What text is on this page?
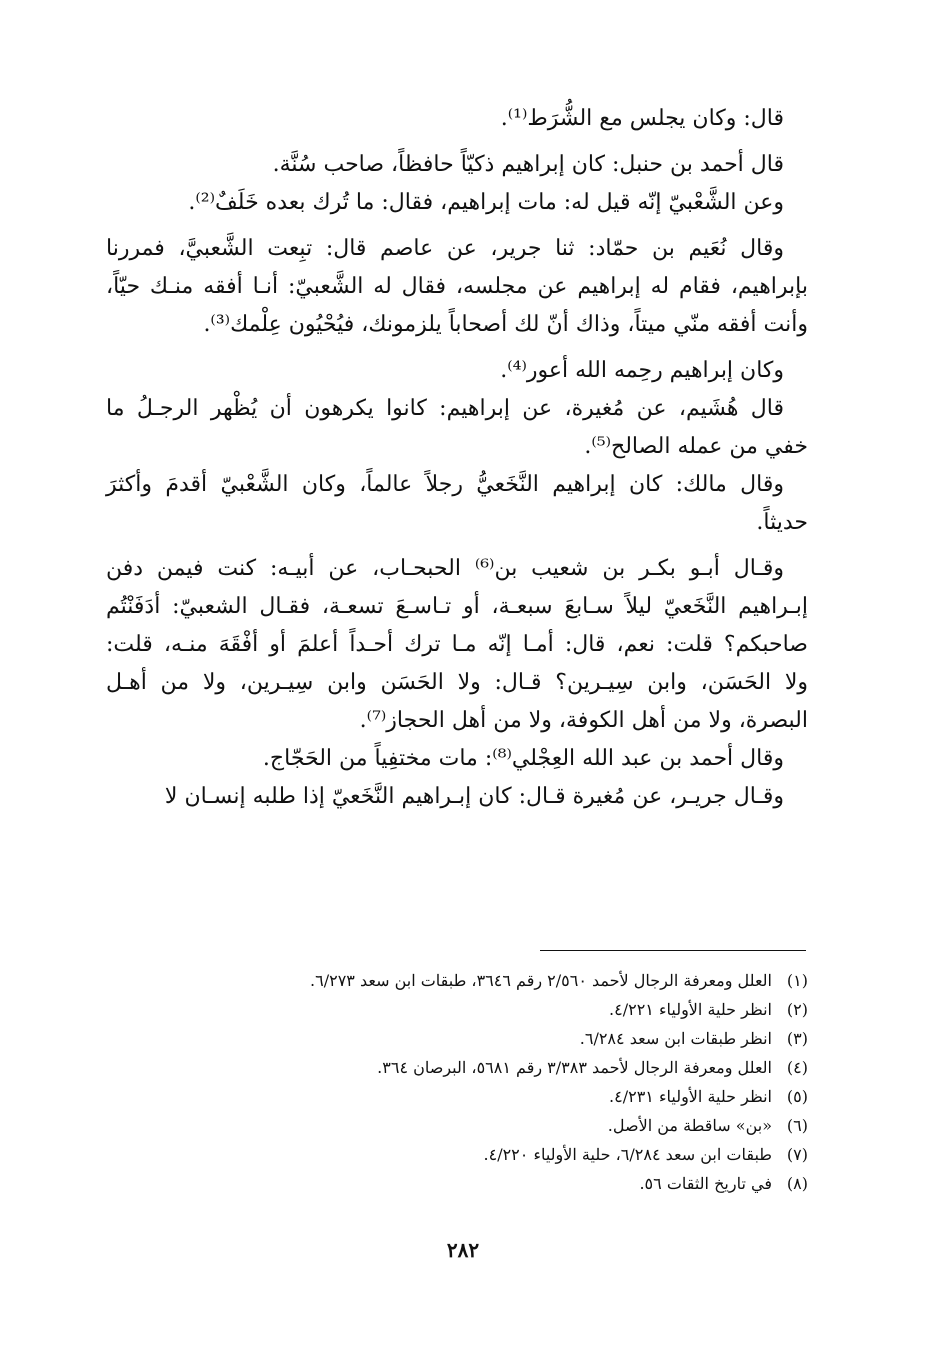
قال: وكان يجلس مع الشُّرَط⁽¹⁾.
قال أحمد بن حنبل: كان إبراهيم ذكيّاً حافظاً، صاحب سُنَّة.
وعن الشَّعْبيّ إنّه قيل له: مات إبراهيم، فقال: ما تُرك بعده خَلَفٌ⁽²⁾.
وقال نُعَيم بن حمّاد: ثنا جرير، عن عاصم قال: تبِعت الشَّعبيَّ، فمررنا
بإبراهيم، فقام له إبراهيم عن مجلسه، فقال له الشَّعبيّ: أنـا أفقه منـك حيّاً،
وأنت أفقه منّي ميتاً، وذاك أنّ لك أصحاباً يلزمونك، فيُحْيُون عِلْمك⁽³⁾.
وكان إبراهيم رحِمه الله أعور⁽⁴⁾.
قال هُشَيم، عن مُغيرة، عن إبراهيم: كانوا يكرهون أن يُظْهر الرجـلُ ما
خفي من عمله الصالح⁽⁵⁾.
وقال مالك: كان إبراهيم النَّخَعيُّ رجلاً عالماً، وكان الشَّعْبيّ أقدمَ وأكثرَ
حديثاً.
وقـال أبـو بكـر بن شعيب بن⁽⁶⁾ الحبحـاب، عن أبيـه: كنت فيمن دفن
إبـراهيم النَّخَعيّ ليلاً سـابعَ سبعـة، أو تـاسـعَ تسعـة، فقـال الشعبيّ: أدَفَنْتُم
صاحبكم؟ قلت: نعم، قال: أمـا إنّه مـا ترك أحـداً أعلمَ أو أفْقَهَ منـه، قلت:
ولا الحَسَن، وابن سِيـرين؟ قـال: ولا الحَسَن وابن سِيـرين، ولا من أهـل
البصرة، ولا من أهل الكوفة، ولا من أهل الحجاز⁽⁷⁾.
وقال أحمد بن عبد الله العِجْلي⁽⁸⁾: مات مختفِياً من الحَجّاج.
وقـال جريـر، عن مُغيرة قـال: كان إبـراهيم النَّخَعيّ إذا طلبه إنسـان لا
(١)
العلل ومعرفة الرجال لأحمد ٢/٥٦٠ رقم ٣٦٤٦، طبقات ابن سعد ٦/٢٧٣.
(٢)
انظر حلية الأولياء ٤/٢٢١.
(٣)
انظر طبقات ابن سعد ٦/٢٨٤.
(٤)
العلل ومعرفة الرجال لأحمد ٣/٣٨٣ رقم ٥٦٨١، البرصان ٣٦٤.
(٥)
انظر حلية الأولياء ٤/٢٣١.
(٦)
«بن» ساقطة من الأصل.
(٧)
طبقات ابن سعد ٦/٢٨٤، حلية الأولياء ٤/٢٢٠.
(٨)
في تاريخ الثقات ٥٦.
٢٨٢
